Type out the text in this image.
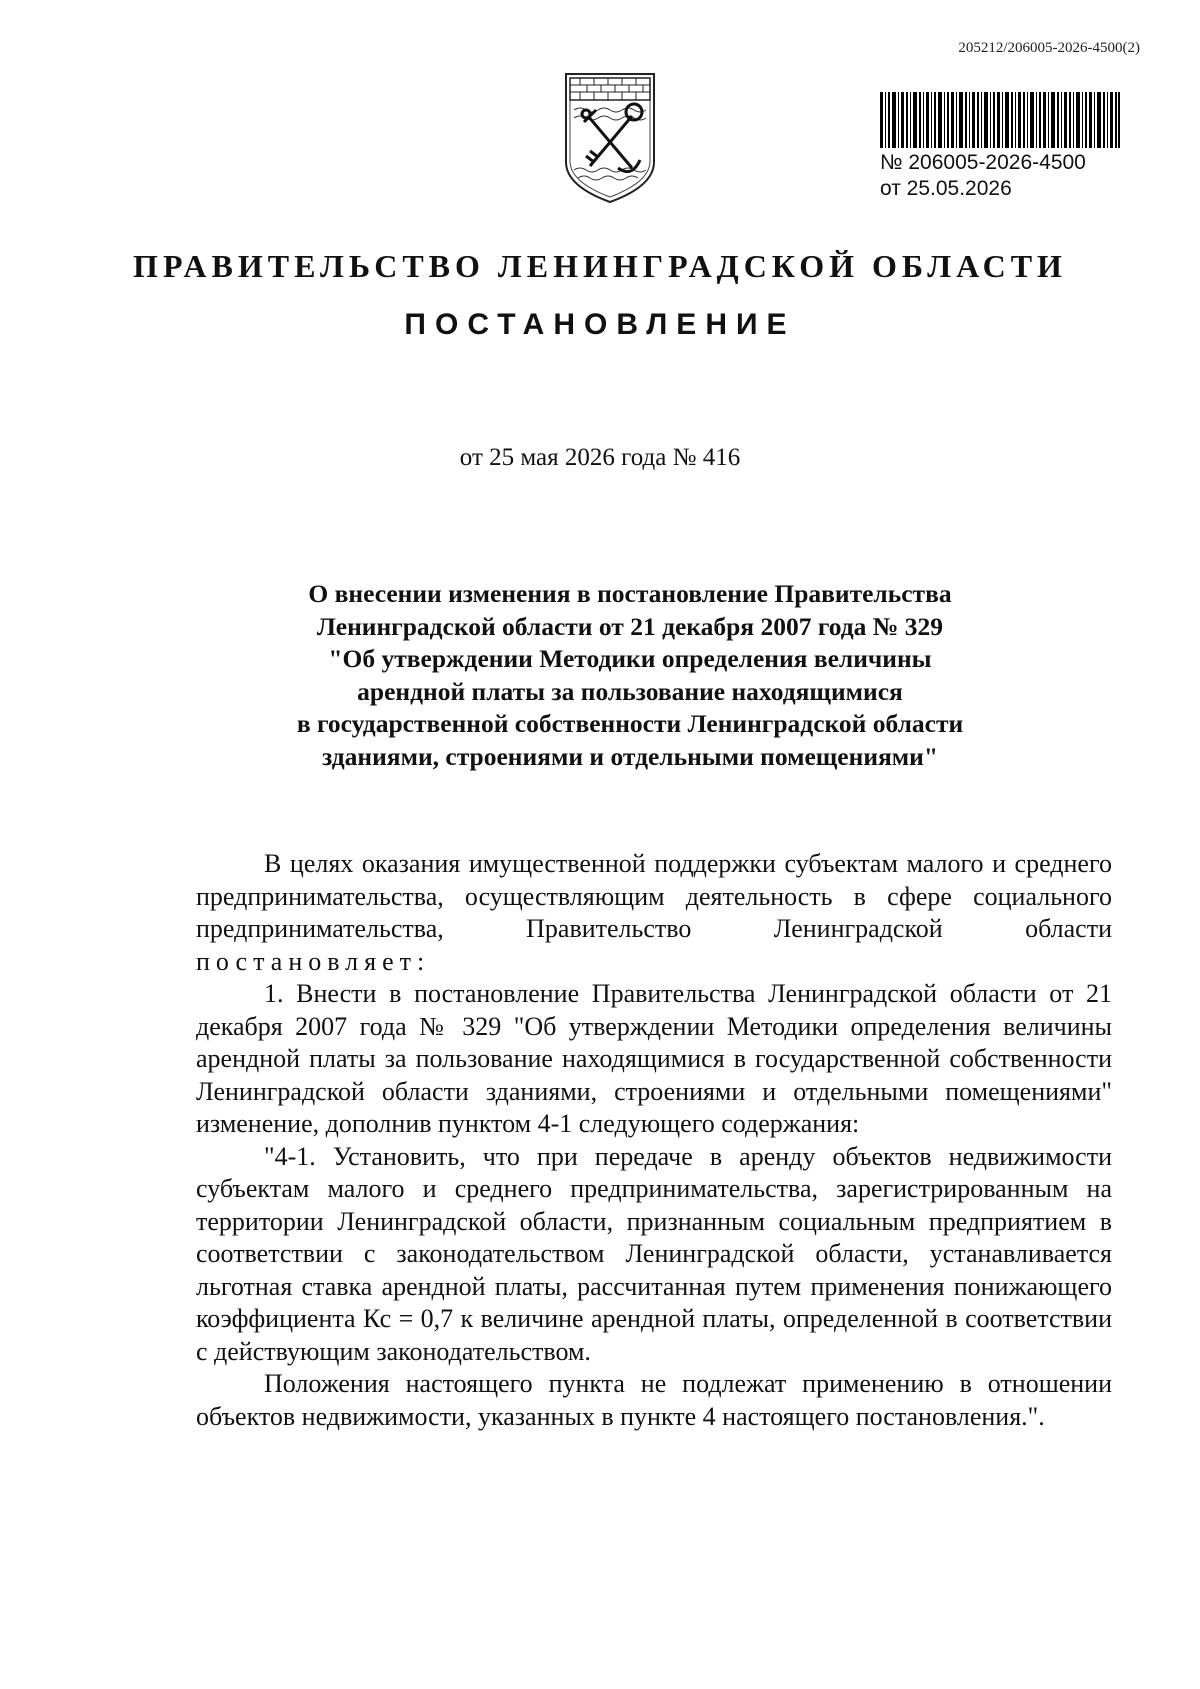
205212/206005-2026-4500(2)
№ 206005-2026-4500
от 25.05.2026
ПРАВИТЕЛЬСТВО ЛЕНИНГРАДСКОЙ ОБЛАСТИ
ПОСТАНОВЛЕНИЕ
от 25 мая 2026 года № 416
О внесении изменения в постановление Правительства
Ленинградской области от 21 декабря 2007 года № 329
"Об утверждении Методики определения величины
арендной платы за пользование находящимися
в государственной собственности Ленинградской области
зданиями, строениями и отдельными помещениями"

В целях оказания имущественной поддержки субъектам малого и среднего предпринимательства, осуществляющим деятельность в сфере социального предпринимательства, Правительство Ленинградской области постановляет:

1. Внести в постановление Правительства Ленинградской области от 21 декабря 2007 года № 329 "Об утверждении Методики определения величины арендной платы за пользование находящимися в государственной собственности Ленинградской области зданиями, строениями и отдельными помещениями" изменение, дополнив пунктом 4-1 следующего содержания:

"4-1. Установить, что при передаче в аренду объектов недвижимости субъектам малого и среднего предпринимательства, зарегистрированным на территории Ленинградской области, признанным социальным предприятием в соответствии с законодательством Ленинградской области, устанавливается льготная ставка арендной платы, рассчитанная путем применения понижающего коэффициента Кс = 0,7 к величине арендной платы, определенной в соответствии с действующим законодательством.

Положения настоящего пункта не подлежат применению в отношении объектов недвижимости, указанных в пункте 4 настоящего постановления.".
